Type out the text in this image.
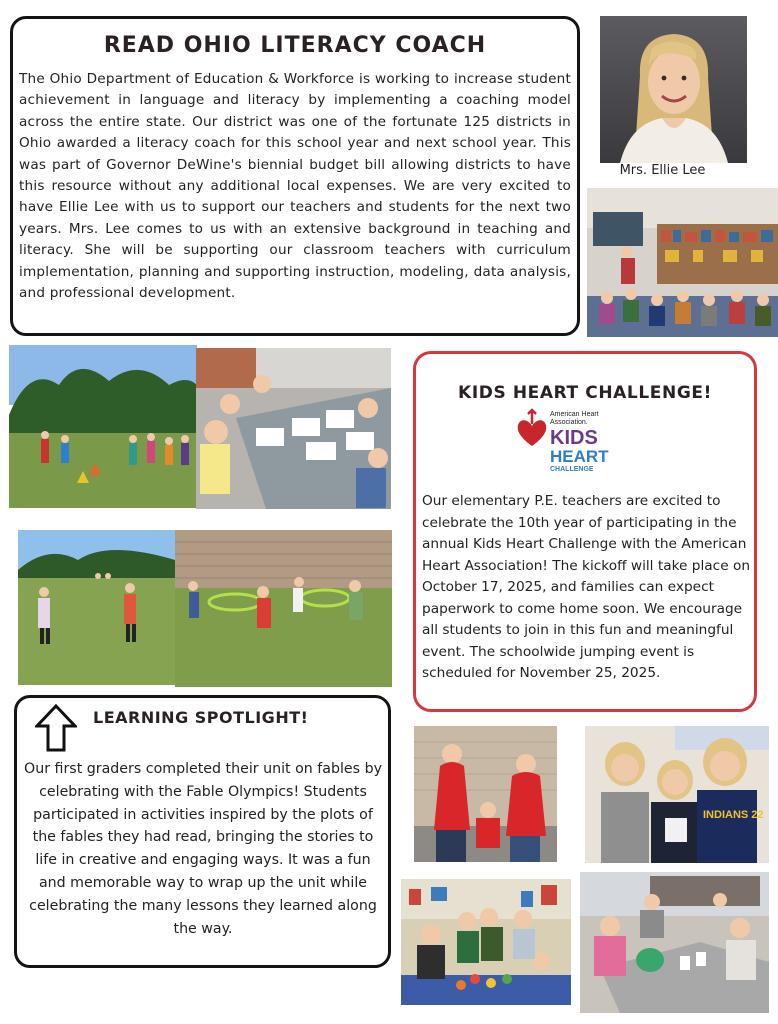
READ OHIO LITERACY COACH

The Ohio Department of Education & Workforce is working to increase student achievement in language and literacy by implementing a coaching model across the entire state. Our district was one of the fortunate 125 districts in Ohio awarded a literacy coach for this school year and next school year. This was part of Governor DeWine's biennial budget bill allowing districts to have this resource without any additional local expenses. We are very excited to have Ellie Lee with us to support our teachers and students for the next two years. Mrs. Lee comes to us with an extensive background in teaching and literacy. She will be supporting our classroom teachers with curriculum implementation, planning and supporting instruction, modeling, data analysis, and professional development.

Mrs. Ellie Lee
KIDS HEART CHALLENGE!
American Heart
Association.
KIDS
HEART
CHALLENGE

Our elementary P.E. teachers are excited to celebrate the 10th year of participating in the annual Kids Heart Challenge with the American Heart Association! The kickoff will take place on October 17, 2025, and families can expect paperwork to come home soon. We encourage all students to join in this fun and meaningful event. The schoolwide jumping event is scheduled for November 25, 2025.

LEARNING SPOTLIGHT!

Our first graders completed their unit on fables by celebrating with the Fable Olympics! Students participated in activities inspired by the plots of the fables they had read, bringing the stories to life in creative and engaging ways. It was a fun and memorable way to wrap up the unit while celebrating the many lessons they learned along the way.

INDIANS 22
